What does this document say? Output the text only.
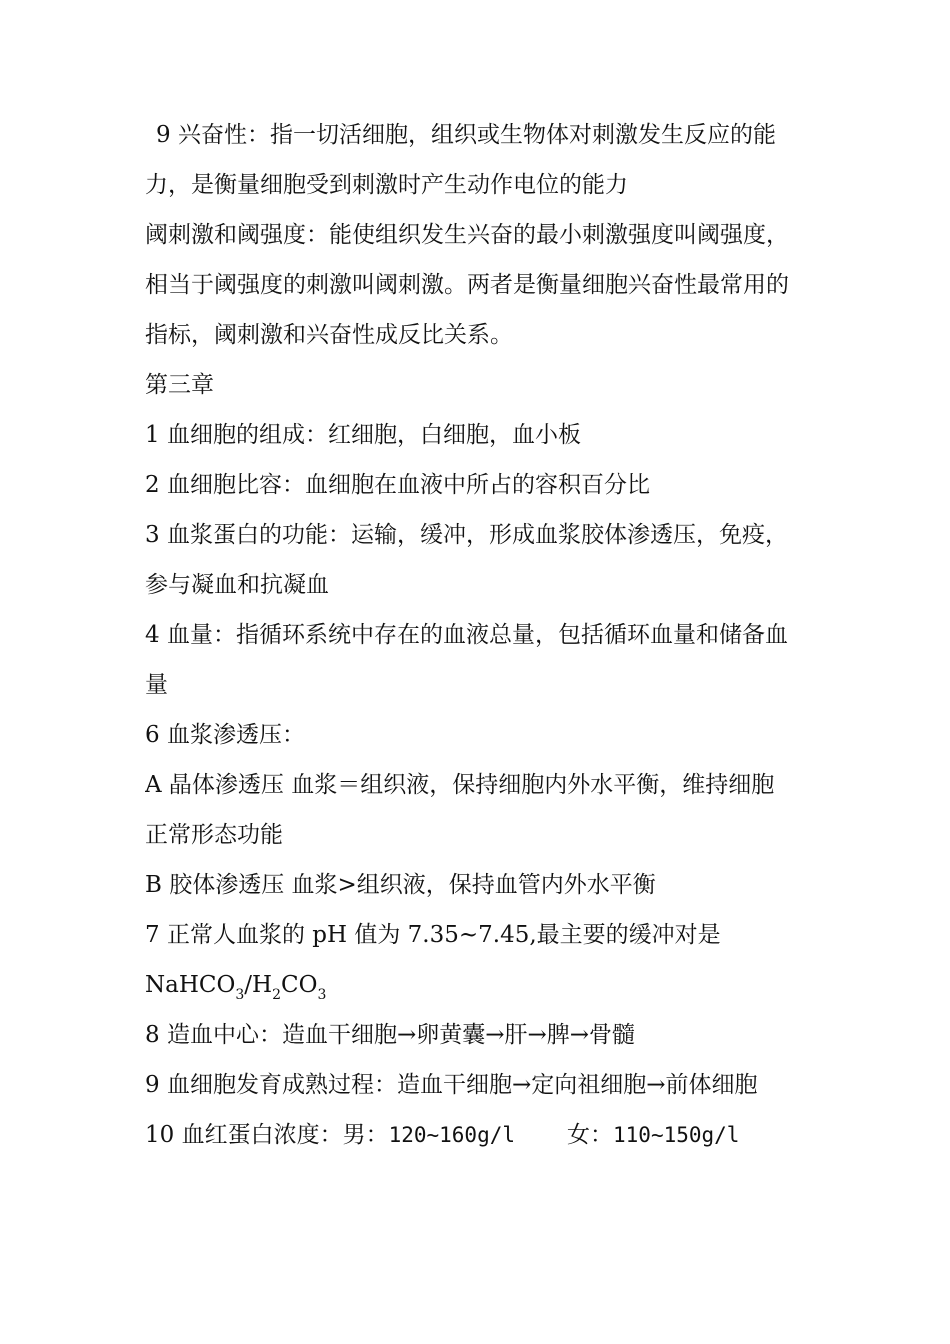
9 兴奋性：指一切活细胞，组织或生物体对刺激发生反应的能
力，是衡量细胞受到刺激时产生动作电位的能力
阈刺激和阈强度：能使组织发生兴奋的最小刺激强度叫阈强度，
相当于阈强度的刺激叫阈刺激。两者是衡量细胞兴奋性最常用的
指标，阈刺激和兴奋性成反比关系。
第三章
1 血细胞的组成：红细胞，白细胞，血小板
2 血细胞比容：血细胞在血液中所占的容积百分比
3 血浆蛋白的功能：运输，缓冲，形成血浆胶体渗透压，免疫，
参与凝血和抗凝血
4 血量：指循环系统中存在的血液总量，包括循环血量和储备血
量
6 血浆渗透压：
A 晶体渗透压 血浆＝组织液，保持细胞内外水平衡，维持细胞
正常形态功能
B 胶体渗透压 血浆>组织液，保持血管内外水平衡
7 正常人血浆的 pH 值为 7.35~7.45,最主要的缓冲对是
$NaHCO_3/H_2CO_3$
8 造血中心：造血干细胞→卵黄囊→肝→脾→骨髓
9 血细胞发育成熟过程：造血干细胞→定向祖细胞→前体细胞
10 血红蛋白浓度：男：120~160g/l 女：110~150g/l
